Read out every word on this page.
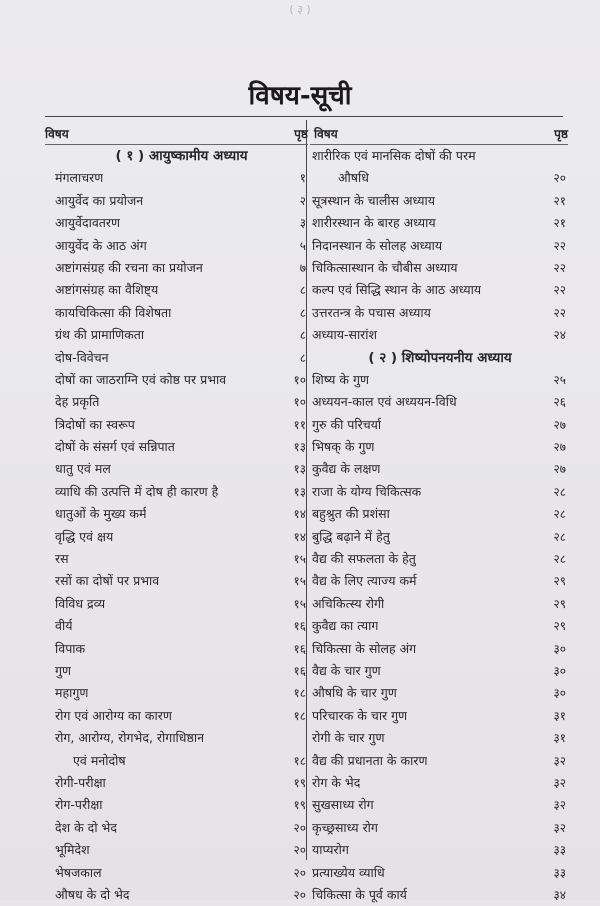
( ३ )
विषय-सूची
विषय	पृष्ठ
( १ ) आयुष्कामीय अध्याय
मंगलाचरण	१
आयुर्वेद का प्रयोजन	२
आयुर्वेदावतरण	३
आयुर्वेद के आठ अंग	५
अष्टांगसंग्रह की रचना का प्रयोजन	७
अष्टांगसंग्रह का वैशिष्ट्य	८
कायचिकित्सा की विशेषता	८
ग्रंथ की प्रामाणिकता	८
दोष-विवेचन	८
दोषों का जाठराग्नि एवं कोष्ठ पर प्रभाव	१०
देह प्रकृति	१०
त्रिदोषों का स्वरूप	११
दोषों के संसर्ग एवं सन्निपात	१३
धातु एवं मल	१३
व्याधि की उत्पत्ति में दोष ही कारण है	१३
धातुओं के मुख्य कर्म	१४
वृद्धि एवं क्षय	१४
रस	१५
रसों का दोषों पर प्रभाव	१५
विविध द्रव्य	१५
वीर्य	१६
विपाक	१६
गुण	१६
महागुण	१८
रोग एवं आरोग्य का कारण	१८
रोग, आरोग्य, रोगभेद, रोगाधिष्ठान
एवं मनोदोष	१८
रोगी-परीक्षा	१९
रोग-परीक्षा	१९
देश के दो भेद	२०
भूमिदेश	२०
भेषजकाल	२०
औषध के दो भेद	२०
विषय	पृष्ठ
शारीरिक एवं मानसिक दोषों की परम
औषधि	२०
सूत्रस्थान के चालीस अध्याय	२१
शारीरस्थान के बारह अध्याय	२१
निदानस्थान के सोलह अध्याय	२२
चिकित्सास्थान के चौबीस अध्याय	२२
कल्प एवं सिद्धि स्थान के आठ अध्याय	२२
उत्तरतन्त्र के पचास अध्याय	२२
अध्याय-सारांश	२४
( २ ) शिष्योपनयनीय अध्याय
शिष्य के गुण	२५
अध्ययन-काल एवं अध्ययन-विधि	२६
गुरु की परिचर्या	२७
भिषक् के गुण	२७
कुवैद्य के लक्षण	२७
राजा के योग्य चिकित्सक	२८
बहुश्रुत की प्रशंसा	२८
बुद्धि बढ़ाने में हेतु	२८
वैद्य की सफलता के हेतु	२८
वैद्य के लिए त्याज्य कर्म	२९
अचिकित्स्य रोगी	२९
कुवैद्य का त्याग	२९
चिकित्सा के सोलह अंग	३०
वैद्य के चार गुण	३०
औषधि के चार गुण	३०
परिचारक के चार गुण	३१
रोगी के चार गुण	३१
वैद्य की प्रधानता के कारण	३२
रोग के भेद	३२
सुखसाध्य रोग	३२
कृच्छ्रसाध्य रोग	३२
याप्यरोग	३३
प्रत्याख्येय व्याधि	३३
चिकित्सा के पूर्व कार्य	३४
